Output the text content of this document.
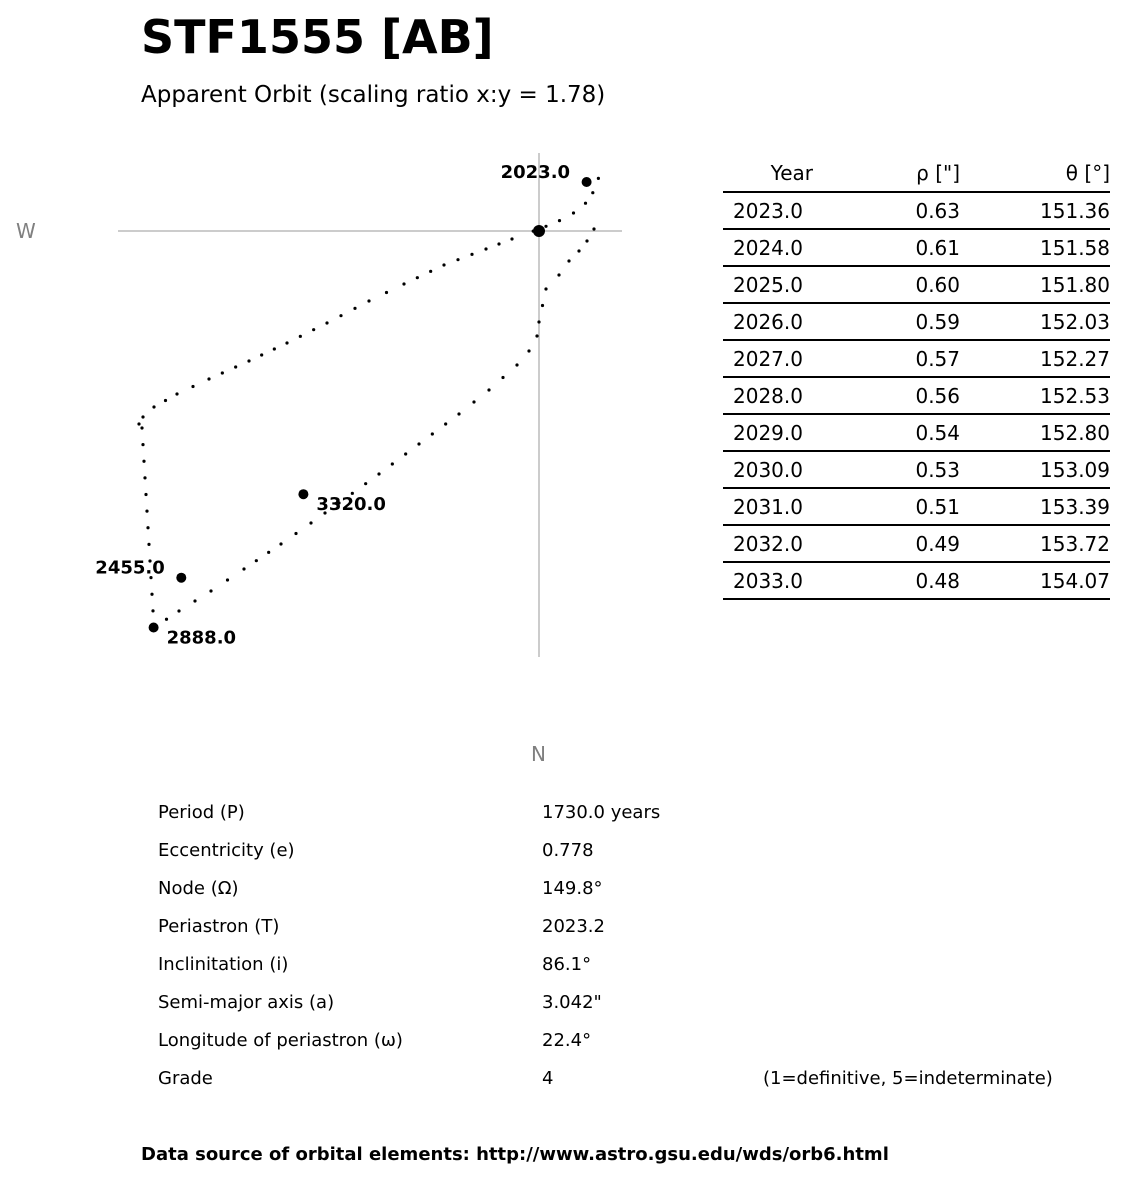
STF1555 [AB]
Apparent Orbit (scaling ratio x:y = 1.78)
W
N
2023.0
2455.0
2888.0
3320.0
Year	ρ ["]	θ [°]
2023.0	0.63	151.36
2024.0	0.61	151.58
2025.0	0.60	151.80
2026.0	0.59	152.03
2027.0	0.57	152.27
2028.0	0.56	152.53
2029.0	0.54	152.80
2030.0	0.53	153.09
2031.0	0.51	153.39
2032.0	0.49	153.72
2033.0	0.48	154.07
Period (P)	1730.0 years
Eccentricity (e)	0.778
Node (Ω)	149.8°
Periastron (T)	2023.2
Inclinitation (i)	86.1°
Semi-major axis (a)	3.042"
Longitude of periastron (ω)	22.4°
Grade	4	(1=definitive, 5=indeterminate)
Data source of orbital elements: http://www.astro.gsu.edu/wds/orb6.html
